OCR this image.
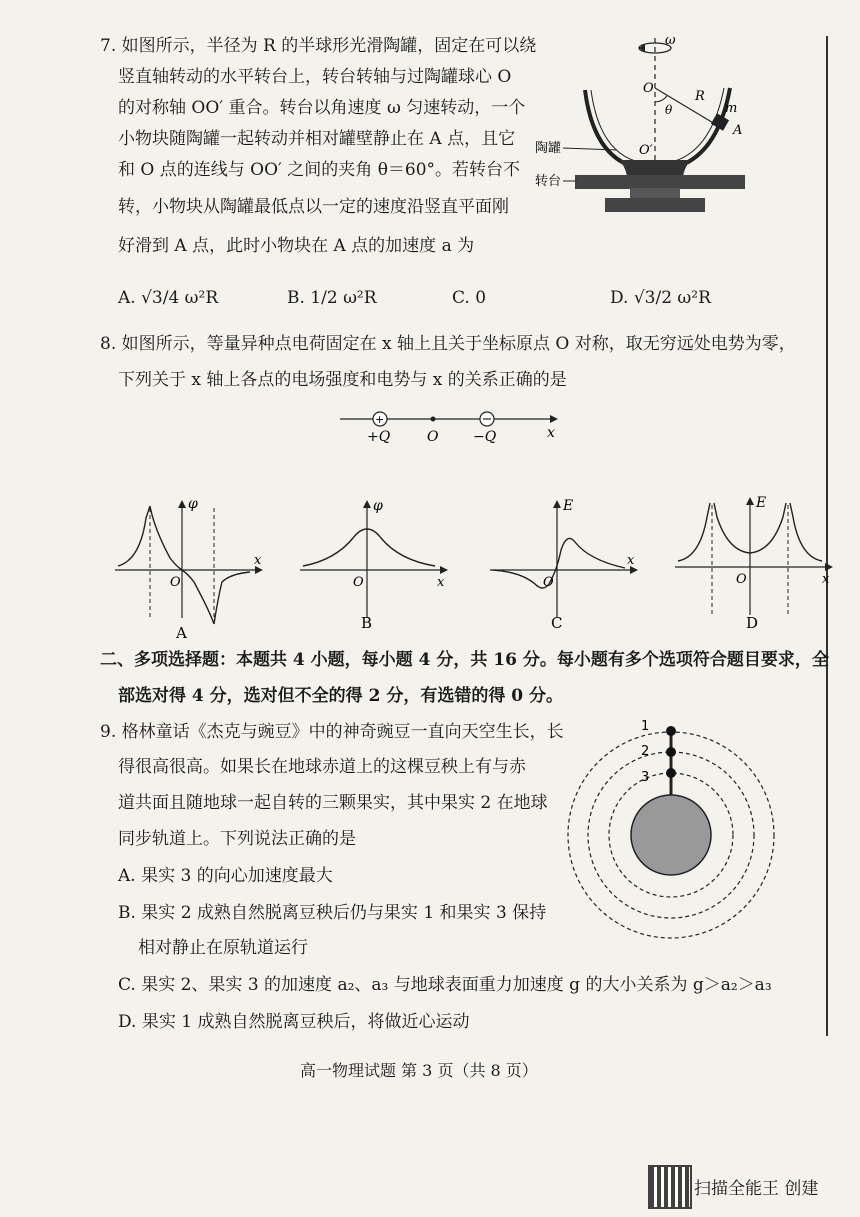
7. 如图所示，半径为 R 的半球形光滑陶罐，固定在可以绕
竖直轴转动的水平转台上，转台转轴与过陶罐球心 O
的对称轴 OO′ 重合。转台以角速度 ω 匀速转动，一个
小物块随陶罐一起转动并相对罐壁静止在 A 点，且它
和 O 点的连线与 OO′ 之间的夹角 θ＝60°。若转台不
转，小物块从陶罐最低点以一定的速度沿竖直平面刚
好滑到 A 点，此时小物块在 A 点的加速度 a 为
A. √3/4 ω²R	B. 1/2 ω²R	C. 0	D. √3/2 ω²R
ω
O
R
θ	m
A
O′
陶罐
转台
8. 如图所示，等量异种点电荷固定在 x 轴上且关于坐标原点 O 对称，取无穷远处电势为零，
下列关于 x 轴上各点的电场强度和电势与 x 的关系正确的是
+
+Q	O −Q	x
φ
O
x
A
φ
O	x
B
E
O
x
C
E
O	x
D
二、多项选择题：本题共 4 小题，每小题 4 分，共 16 分。每小题有多个选项符合题目要求，全
部选对得 4 分，选对但不全的得 2 分，有选错的得 0 分。
9. 格林童话《杰克与豌豆》中的神奇豌豆一直向天空生长，长
得很高很高。如果长在地球赤道上的这棵豆秧上有与赤
道共面且随地球一起自转的三颗果实，其中果实 2 在地球
同步轨道上。下列说法正确的是
A. 果实 3 的向心加速度最大
B. 果实 2 成熟自然脱离豆秧后仍与果实 1 和果实 3 保持
相对静止在原轨道运行
C. 果实 2、果实 3 的加速度 a₂、a₃ 与地球表面重力加速度 g 的大小关系为 g＞a₂＞a₃
D. 果实 1 成熟自然脱离豆秧后，将做近心运动
1
2
3
高一物理试题 第 3 页（共 8 页）
扫描全能王 创建
